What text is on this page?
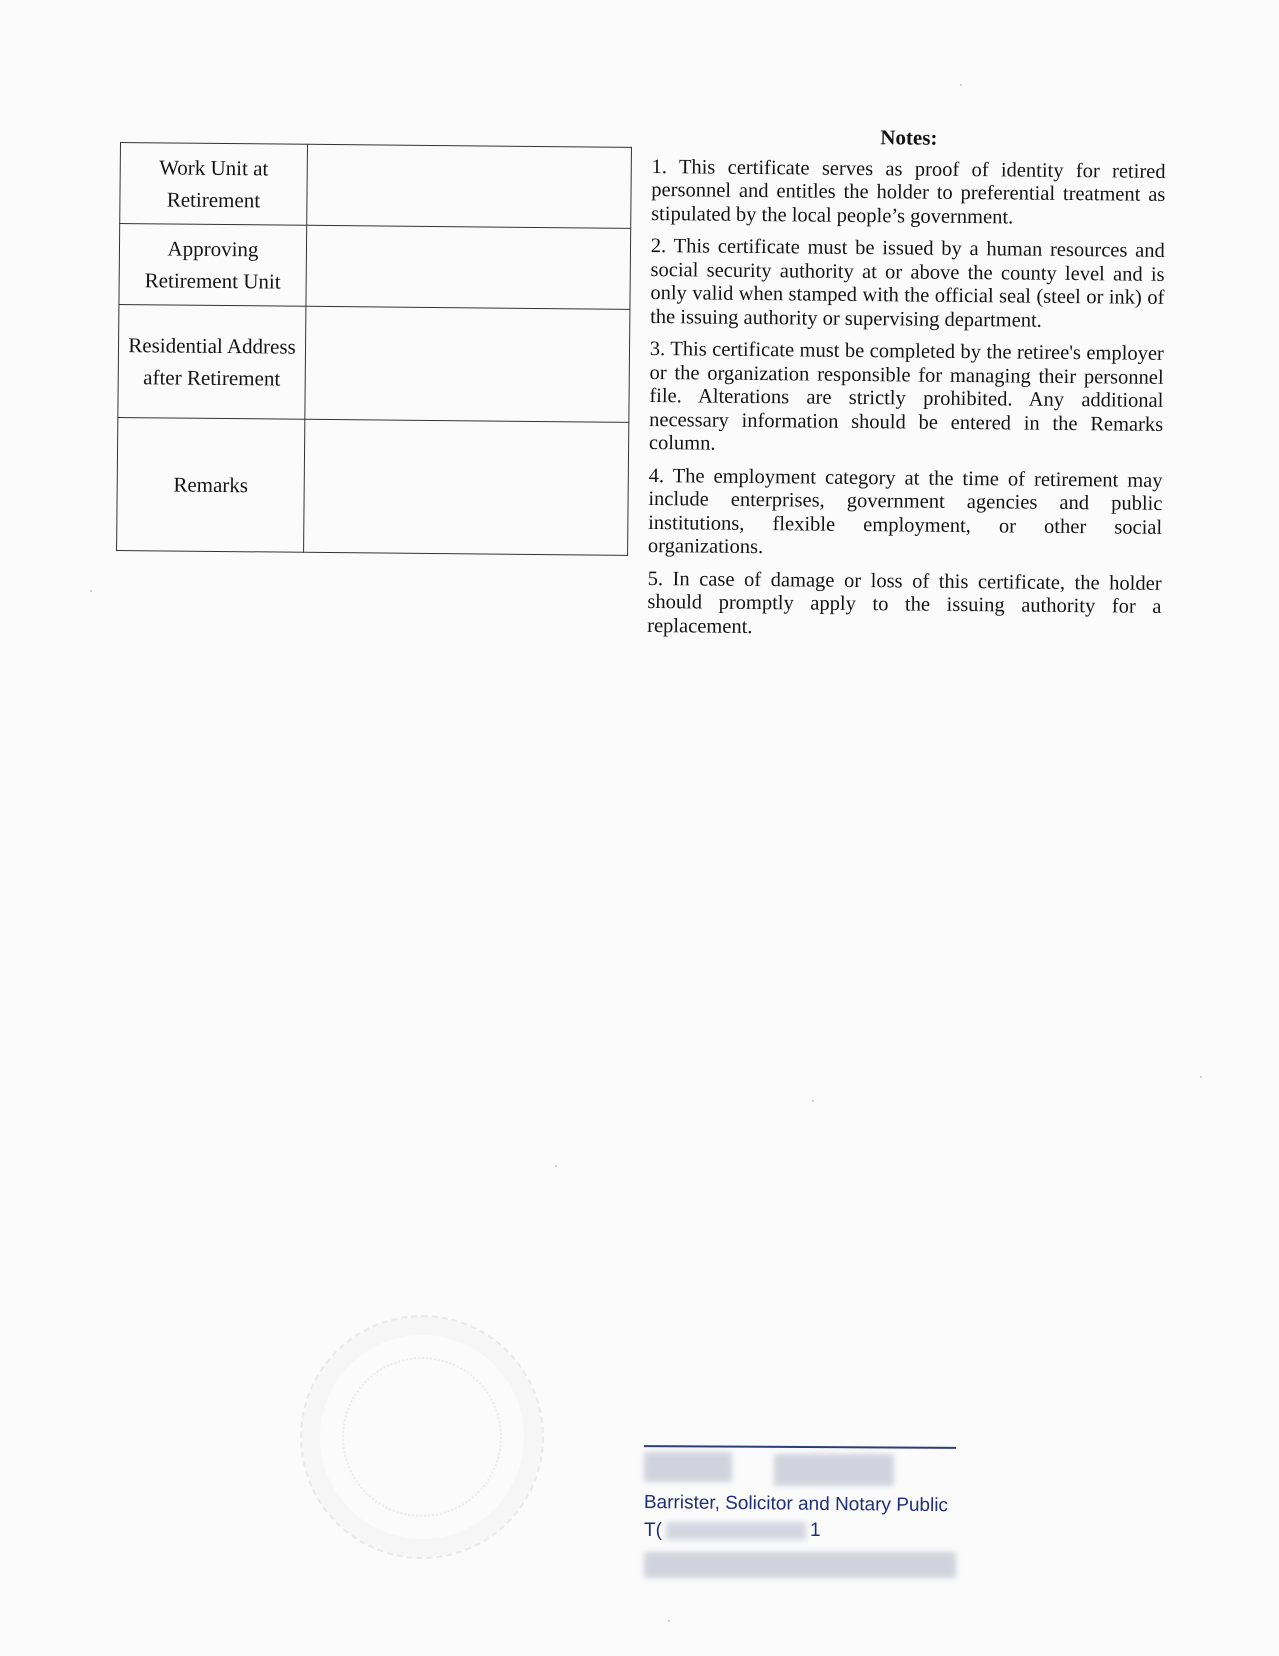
Work Unit at Retirement	
Approving Retirement Unit	
Residential Address after Retirement	
Remarks	

Notes:

1. This certificate serves as proof of identity for retired personnel and entitles the holder to preferential treatment as stipulated by the local people’s government.

2. This certificate must be issued by a human resources and social security authority at or above the county level and is only valid when stamped with the official seal (steel or ink) of the issuing authority or supervising department.

3. This certificate must be completed by the retiree's employer or the organization responsible for managing their personnel file. Alterations are strictly prohibited. Any additional necessary information should be entered in the Remarks column.

4. The employment category at the time of retirement may include enterprises, government agencies and public institutions, flexible employment, or other social organizations.

5. In case of damage or loss of this certificate, the holder should promptly apply to the issuing authority for a replacement.

Barrister, Solicitor and Notary Public
T(	1
